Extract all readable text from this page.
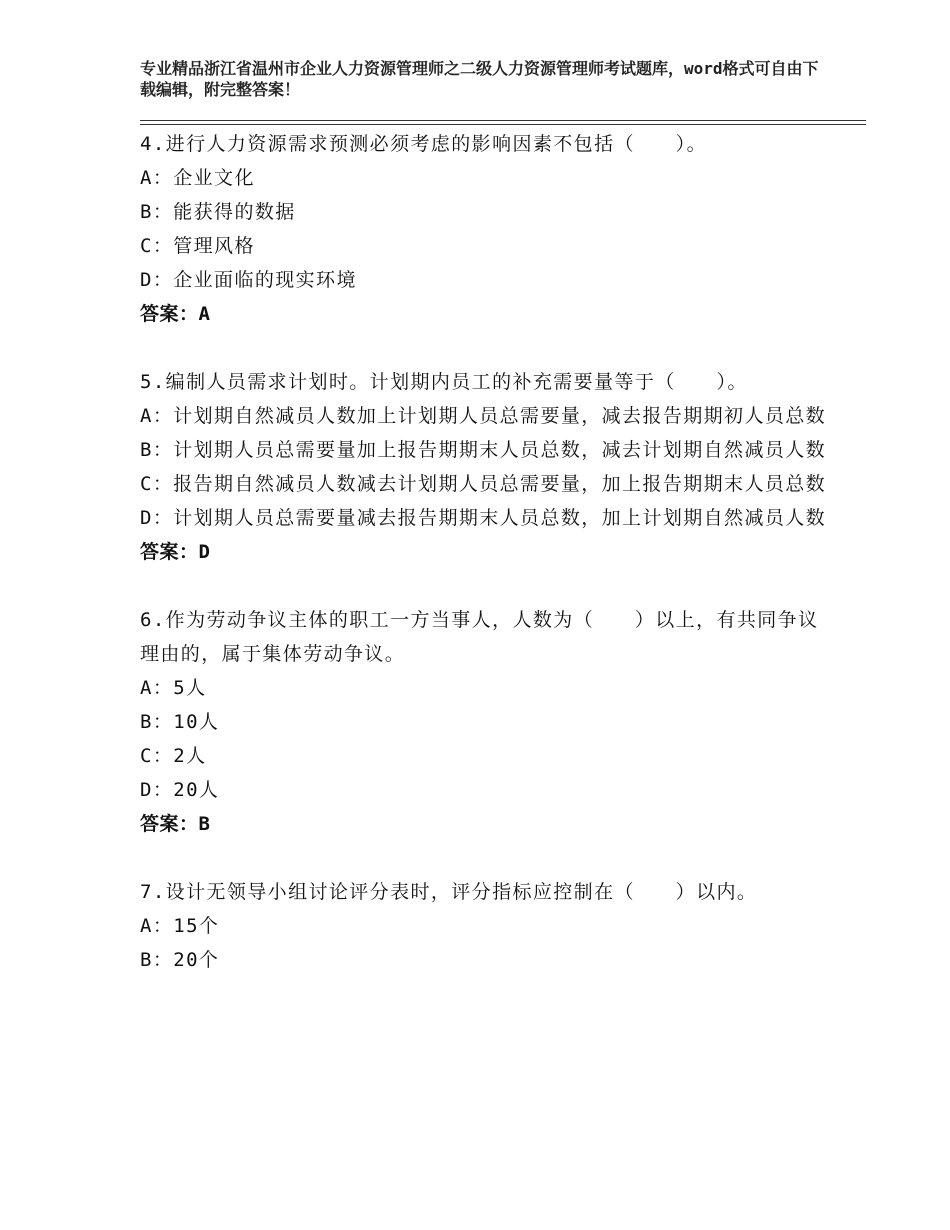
专业精品浙江省温州市企业人力资源管理师之二级人力资源管理师考试题库，word格式可自由下载编辑，附完整答案！

4.进行人力资源需求预测必须考虑的影响因素不包括（　　）。

A：企业文化

B：能获得的数据

C：管理风格

D：企业面临的现实环境

答案：A

5.编制人员需求计划时。计划期内员工的补充需要量等于（　　）。

A：计划期自然减员人数加上计划期人员总需要量，减去报告期期初人员总数

B：计划期人员总需要量加上报告期期末人员总数，减去计划期自然减员人数

C：报告期自然减员人数减去计划期人员总需要量，加上报告期期末人员总数

D：计划期人员总需要量减去报告期期末人员总数，加上计划期自然减员人数

答案：D

6.作为劳动争议主体的职工一方当事人，人数为（　　）以上，有共同争议理由的，属于集体劳动争议。

A：5人

B：10人

C：2人

D：20人

答案：B

7.设计无领导小组讨论评分表时，评分指标应控制在（　　）以内。

A：15个

B：20个
